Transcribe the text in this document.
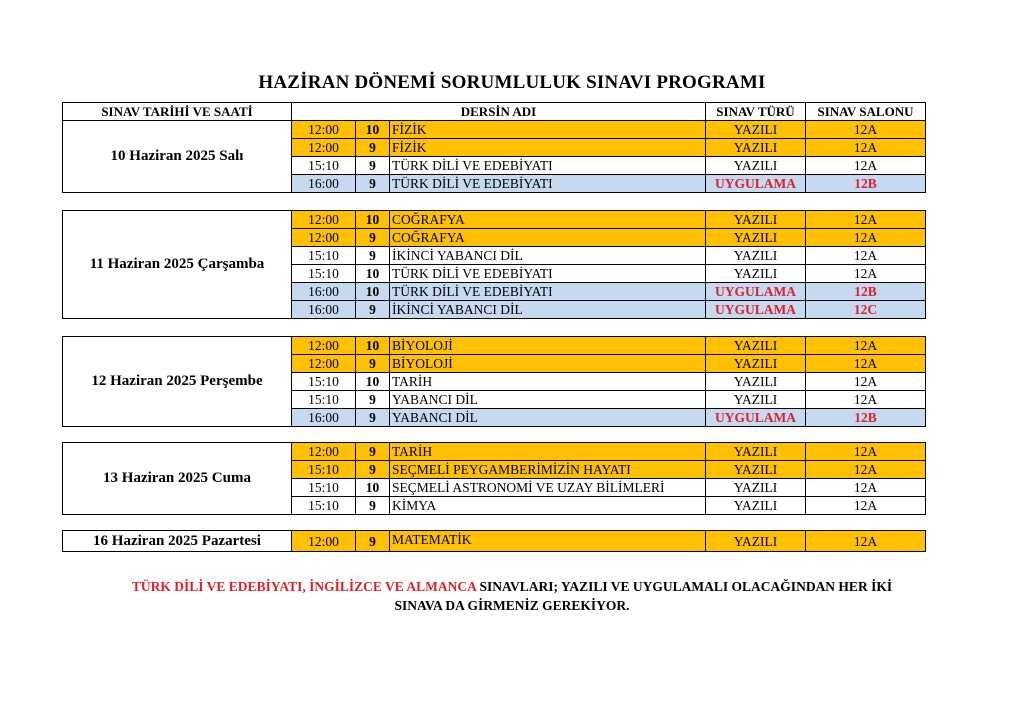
HAZİRAN DÖNEMİ SORUMLULUK SINAVI PROGRAMI
SINAV TARİHİ VE SAATİ	DERSİN ADI			SINAV TÜRÜ	SINAV SALONU
10 Haziran 2025 Salı	12:00	10	FİZİK	YAZILI	12A
	12:00	9	FİZİK	YAZILI	12A
	15:10	9	TÜRK DİLİ VE EDEBİYATI	YAZILI	12A
	16:00	9	TÜRK DİLİ VE EDEBİYATI	UYGULAMA	12B
11 Haziran 2025 Çarşamba	12:00	10	COĞRAFYA	YAZILI	12A
	12:00	9	COĞRAFYA	YAZILI	12A
	15:10	9	İKİNCİ YABANCI DİL	YAZILI	12A
	15:10	10	TÜRK DİLİ VE EDEBİYATI	YAZILI	12A
	16:00	10	TÜRK DİLİ VE EDEBİYATI	UYGULAMA	12B
	16:00	9	İKİNCİ YABANCI DİL	UYGULAMA	12C
12 Haziran 2025 Perşembe	12:00	10	BİYOLOJİ	YAZILI	12A
	12:00	9	BİYOLOJİ	YAZILI	12A
	15:10	10	TARİH	YAZILI	12A
	15:10	9	YABANCI DİL	YAZILI	12A
	16:00	9	YABANCI DİL	UYGULAMA	12B
13 Haziran 2025 Cuma	12:00	9	TARİH	YAZILI	12A
	15:10	9	SEÇMELİ PEYGAMBERİMİZİN HAYATI	YAZILI	12A
	15:10	10	SEÇMELİ ASTRONOMİ VE UZAY BİLİMLERİ	YAZILI	12A
	15:10	9	KİMYA	YAZILI	12A
16 Haziran 2025 Pazartesi	12:00	9	MATEMATİK	YAZILI	12A
TÜRK DİLİ VE EDEBİYATI, İNGİLİZCE VE ALMANCA SINAVLARI; YAZILI VE UYGULAMALI OLACAĞINDAN HER İKİ
SINAVA DA GİRMENİZ GEREKİYOR.
